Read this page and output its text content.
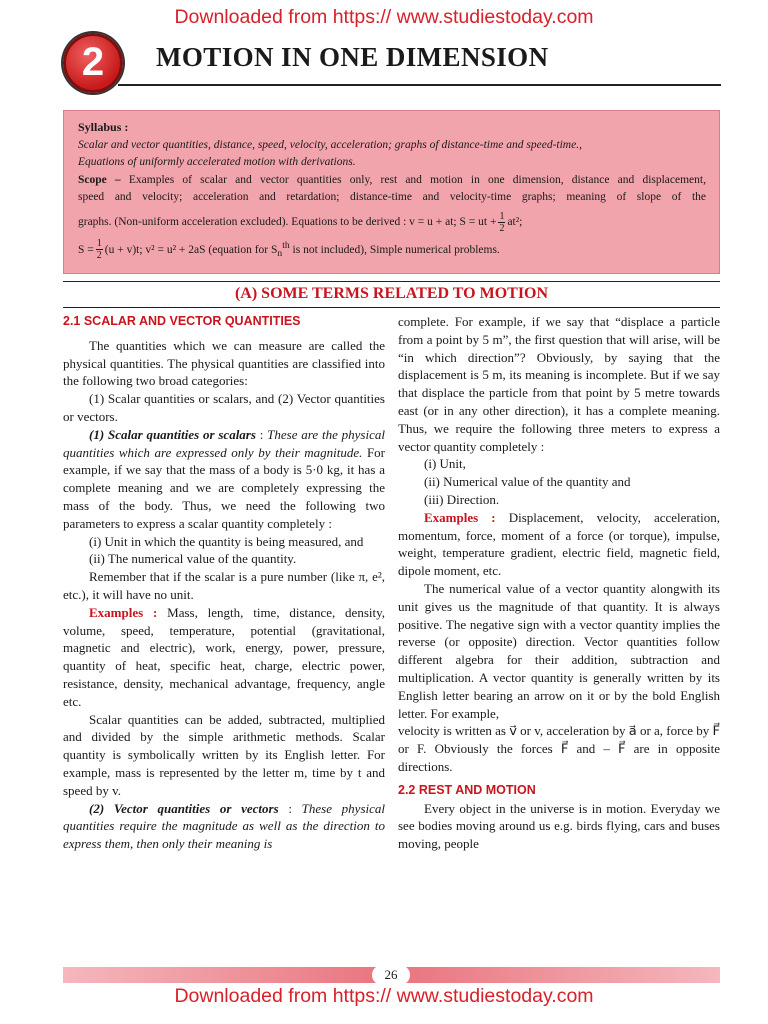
Downloaded from https:// www.studiestoday.com
2	MOTION IN ONE DIMENSION
Syllabus :
Scalar and vector quantities, distance, speed, velocity, acceleration; graphs of distance-time and speed-time.,
Equations of uniformly accelerated motion with derivations.
Scope – Examples of scalar and vector quantities only, rest and motion in one dimension, distance and displacement,
speed and velocity; acceleration and retardation; distance-time and velocity-time graphs; meaning of slope of the
graphs. (Non-uniform acceleration excluded). Equations to be derived : v = u + at; S = ut + $\frac{1}{2} at^2$;
$S = \frac{1}{2} (u + v)t$; v² = u² + 2aS (equation for $S_n^{th}$ is not included), Simple numerical problems.
(A) SOME TERMS RELATED TO MOTION
2.1 SCALAR AND VECTOR QUANTITIES

The quantities which we can measure are called the physical quantities. The physical quantities are classified into the following two broad categories:

(1) Scalar quantities or scalars, and (2) Vector quantities or vectors.

(1) Scalar quantities or scalars : These are the physical quantities which are expressed only by their magnitude. For example, if we say that the mass of a body is 5·0 kg, it has a complete meaning and we are completely expressing the mass of the body. Thus, we need the following two parameters to express a scalar quantity completely :

(i) Unit in which the quantity is being measured, and

(ii) The numerical value of the quantity.

Remember that if the scalar is a pure number (like π, e², etc.), it will have no unit.

Examples : Mass, length, time, distance, density, volume, speed, temperature, potential (gravitational, magnetic and electric), work, energy, power, pressure, quantity of heat, specific heat, charge, electric power, resistance, density, mechanical advantage, frequency, angle etc.

Scalar quantities can be added, subtracted, multiplied and divided by the simple arithmetic methods. Scalar quantity is symbolically written by its English letter. For example, mass is represented by the letter m, time by t and speed by v.

(2) Vector quantities or vectors : These physical quantities require the magnitude as well as the direction to express them, then only their meaning is

complete. For example, if we say that “displace a particle from a point by 5 m”, the first question that will arise, will be “in which direction”? Obviously, by saying that the displacement is 5 m, its meaning is incomplete. But if we say that displace the particle from that point by 5 metre towards east (or in any other direction), it has a complete meaning. Thus, we require the following three meters to express a vector quantity completely :

(i) Unit,

(ii) Numerical value of the quantity and

(iii) Direction.

Examples : Displacement, velocity, acceleration, momentum, force, moment of a force (or torque), impulse, weight, temperature gradient, electric field, magnetic field, dipole moment, etc.

The numerical value of a vector quantity alongwith its unit gives us the magnitude of that quantity. It is always positive. The negative sign with a vector quantity implies the reverse (or opposite) direction. Vector quantities follow different algebra for their addition, subtraction and multiplication. A vector quantity is generally written by its English letter bearing an arrow on it or by the bold English letter. For example,

velocity is written as v⃗ or v, acceleration by a⃗ or a, force by F⃗ or F. Obviously the forces F⃗ and – F⃗ are in opposite directions.

2.2 REST AND MOTION

Every object in the universe is in motion. Everyday we see bodies moving around us e.g. birds flying, cars and buses moving, people

26
Downloaded from https:// www.studiestoday.com
